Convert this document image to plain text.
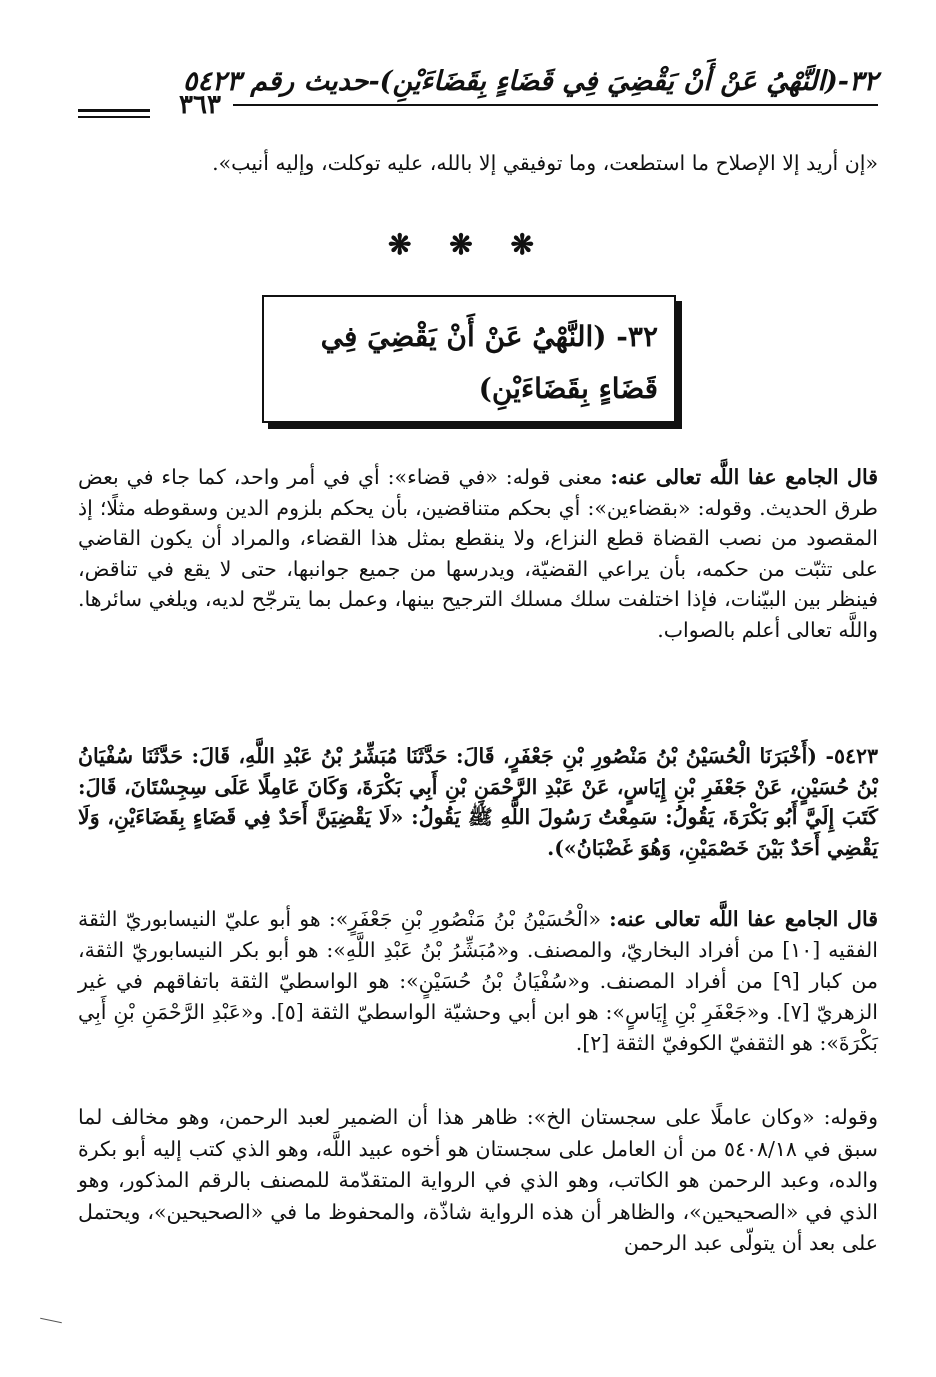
٣٢-(النَّهْيُ عَنْ أَنْ يَقْضِيَ فِي قَضَاءٍ بِقَضَاءَيْنِ)-حديث رقم ٥٤٢٣
٣٦٣
«إن أريد إلا الإصلاح ما استطعت، وما توفيقي إلا بالله، عليه توكلت، وإليه أنيب».
❋ ❋ ❋
٣٢- (النَّهْيُ عَنْ أَنْ يَقْضِيَ فِي قَضَاءٍ بِقَضَاءَيْنِ)
قال الجامع عفا اللَّه تعالى عنه: معنى قوله: «في قضاء»: أي في أمر واحد، كما جاء في بعض طرق الحديث. وقوله: «بقضاءين»: أي بحكم متناقضين، بأن يحكم بلزوم الدين وسقوطه مثلًا؛ إذ المقصود من نصب القضاة قطع النزاع، ولا ينقطع بمثل هذا القضاء، والمراد أن يكون القاضي على تثبّت من حكمه، بأن يراعي القضيّة، ويدرسها من جميع جوانبها، حتى لا يقع في تناقض، فينظر بين البيّنات، فإذا اختلفت سلك مسلك الترجيح بينها، وعمل بما يترجّح لديه، ويلغي سائرها. واللَّه تعالى أعلم بالصواب.
٥٤٢٣- (أَخْبَرَنَا الْحُسَيْنُ بْنُ مَنْصُورِ بْنِ جَعْفَرٍ، قَالَ: حَدَّثَنَا مُبَشِّرُ بْنُ عَبْدِ اللَّهِ، قَالَ: حَدَّثَنَا سُفْيَانُ بْنُ حُسَيْنٍ، عَنْ جَعْفَرِ بْنِ إِيَاسٍ، عَنْ عَبْدِ الرَّحْمَنِ بْنِ أَبِي بَكْرَةَ، وَكَانَ عَامِلًا عَلَى سِجِسْتَانَ، قَالَ: كَتَبَ إِلَيَّ أَبُو بَكْرَةَ، يَقُولُ: سَمِعْتُ رَسُولَ اللَّهِ ﷺ يَقُولُ: «لَا يَقْضِيَنَّ أَحَدٌ فِي قَضَاءٍ بِقَضَاءَيْنِ، وَلَا يَقْضِي أَحَدٌ بَيْنَ خَصْمَيْنِ، وَهُوَ غَضْبَانُ»).
قال الجامع عفا اللَّه تعالى عنه: «الْحُسَيْنُ بْنُ مَنْصُورِ بْنِ جَعْفَرٍ»: هو أبو عليّ النيسابوريّ الثقة الفقيه [١٠] من أفراد البخاريّ، والمصنف. و«مُبَشِّرُ بْنُ عَبْدِ اللَّهِ»: هو أبو بكر النيسابوريّ الثقة، من كبار [٩] من أفراد المصنف. و«سُفْيَانُ بْنُ حُسَيْنٍ»: هو الواسطيّ الثقة باتفاقهم في غير الزهريّ [٧]. و«جَعْفَرِ بْنِ إِيَاسٍ»: هو ابن أبي وحشيّة الواسطيّ الثقة [٥]. و«عَبْدِ الرَّحْمَنِ بْنِ أَبِي بَكْرَةَ»: هو الثقفيّ الكوفيّ الثقة [٢].
وقوله: «وكان عاملًا على سجستان الخ»: ظاهر هذا أن الضمير لعبد الرحمن، وهو مخالف لما سبق في ٥٤٠٨/١٨ من أن العامل على سجستان هو أخوه عبيد اللَّه، وهو الذي كتب إليه أبو بكرة والده، وعبد الرحمن هو الكاتب، وهو الذي في الرواية المتقدّمة للمصنف بالرقم المذكور، وهو الذي في «الصحيحين»، والظاهر أن هذه الرواية شاذّة، والمحفوظ ما في «الصحيحين»، ويحتمل على بعد أن يتولّى عبد الرحمن
